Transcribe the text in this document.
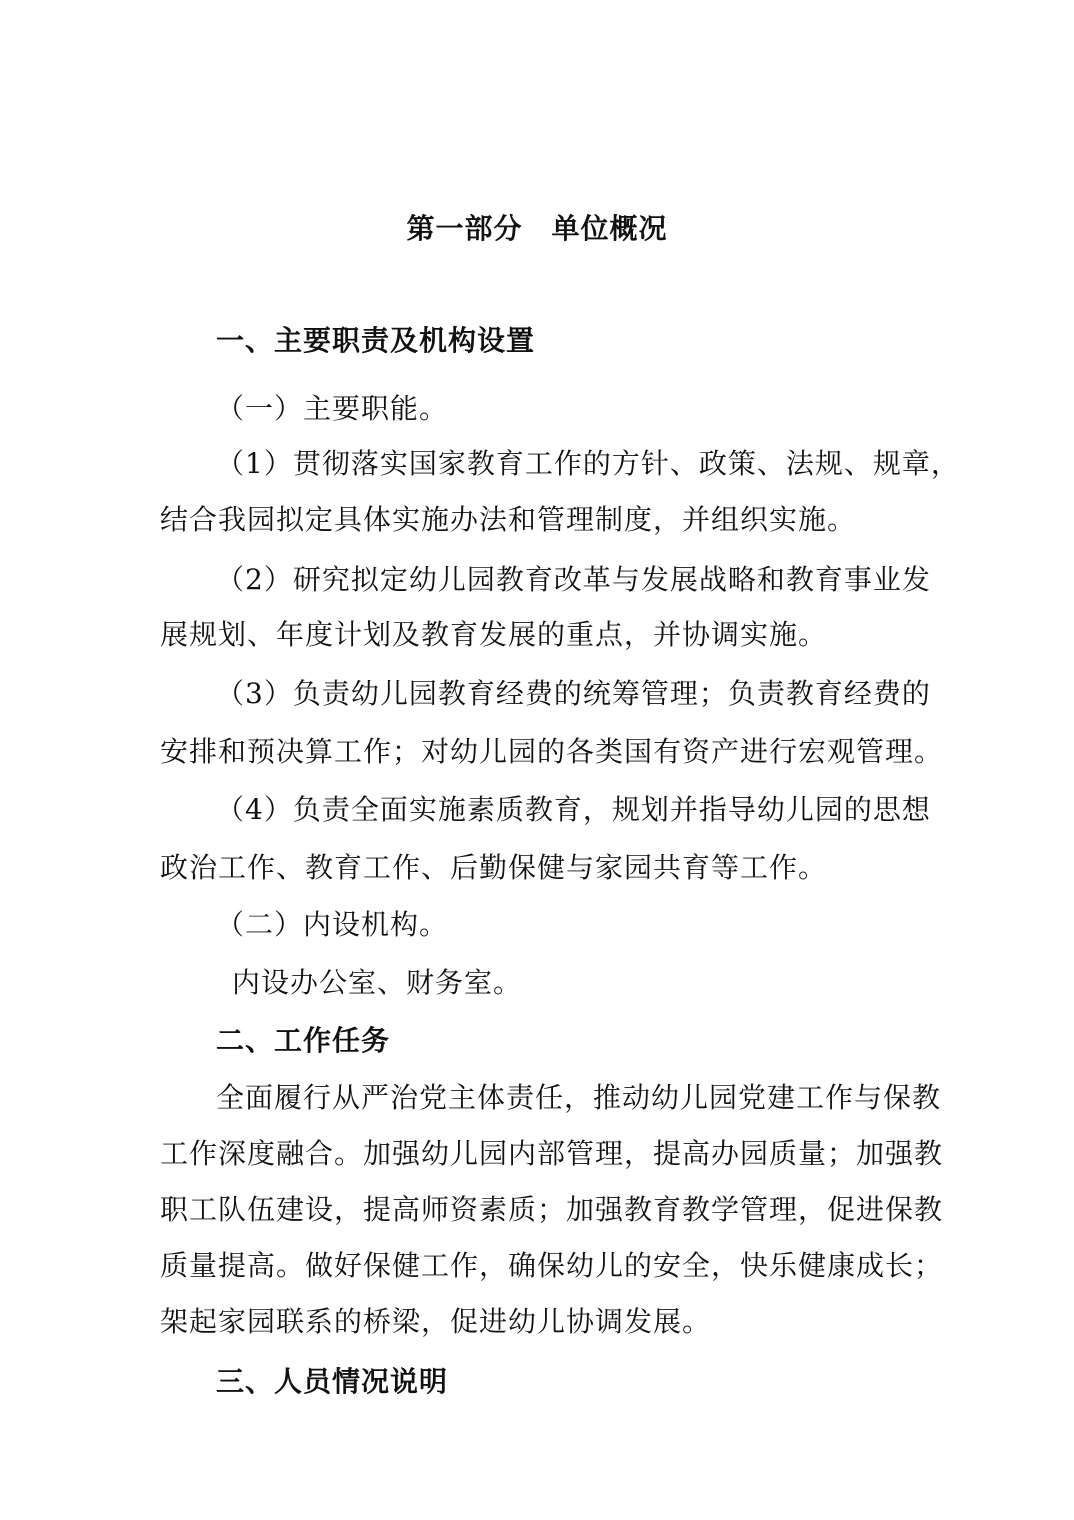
第一部分　单位概况
一、主要职责及机构设置
（一）主要职能。
（1）贯彻落实国家教育工作的方针、政策、法规、规章，
结合我园拟定具体实施办法和管理制度，并组织实施。
（2）研究拟定幼儿园教育改革与发展战略和教育事业发
展规划、年度计划及教育发展的重点，并协调实施。
（3）负责幼儿园教育经费的统筹管理；负责教育经费的
安排和预决算工作；对幼儿园的各类国有资产进行宏观管理。
（4）负责全面实施素质教育，规划并指导幼儿园的思想
政治工作、教育工作、后勤保健与家园共育等工作。
（二）内设机构。
内设办公室、财务室。
二、工作任务
全面履行从严治党主体责任，推动幼儿园党建工作与保教
工作深度融合。加强幼儿园内部管理，提高办园质量；加强教
职工队伍建设，提高师资素质；加强教育教学管理，促进保教
质量提高。做好保健工作，确保幼儿的安全，快乐健康成长；
架起家园联系的桥梁，促进幼儿协调发展。
三、人员情况说明
